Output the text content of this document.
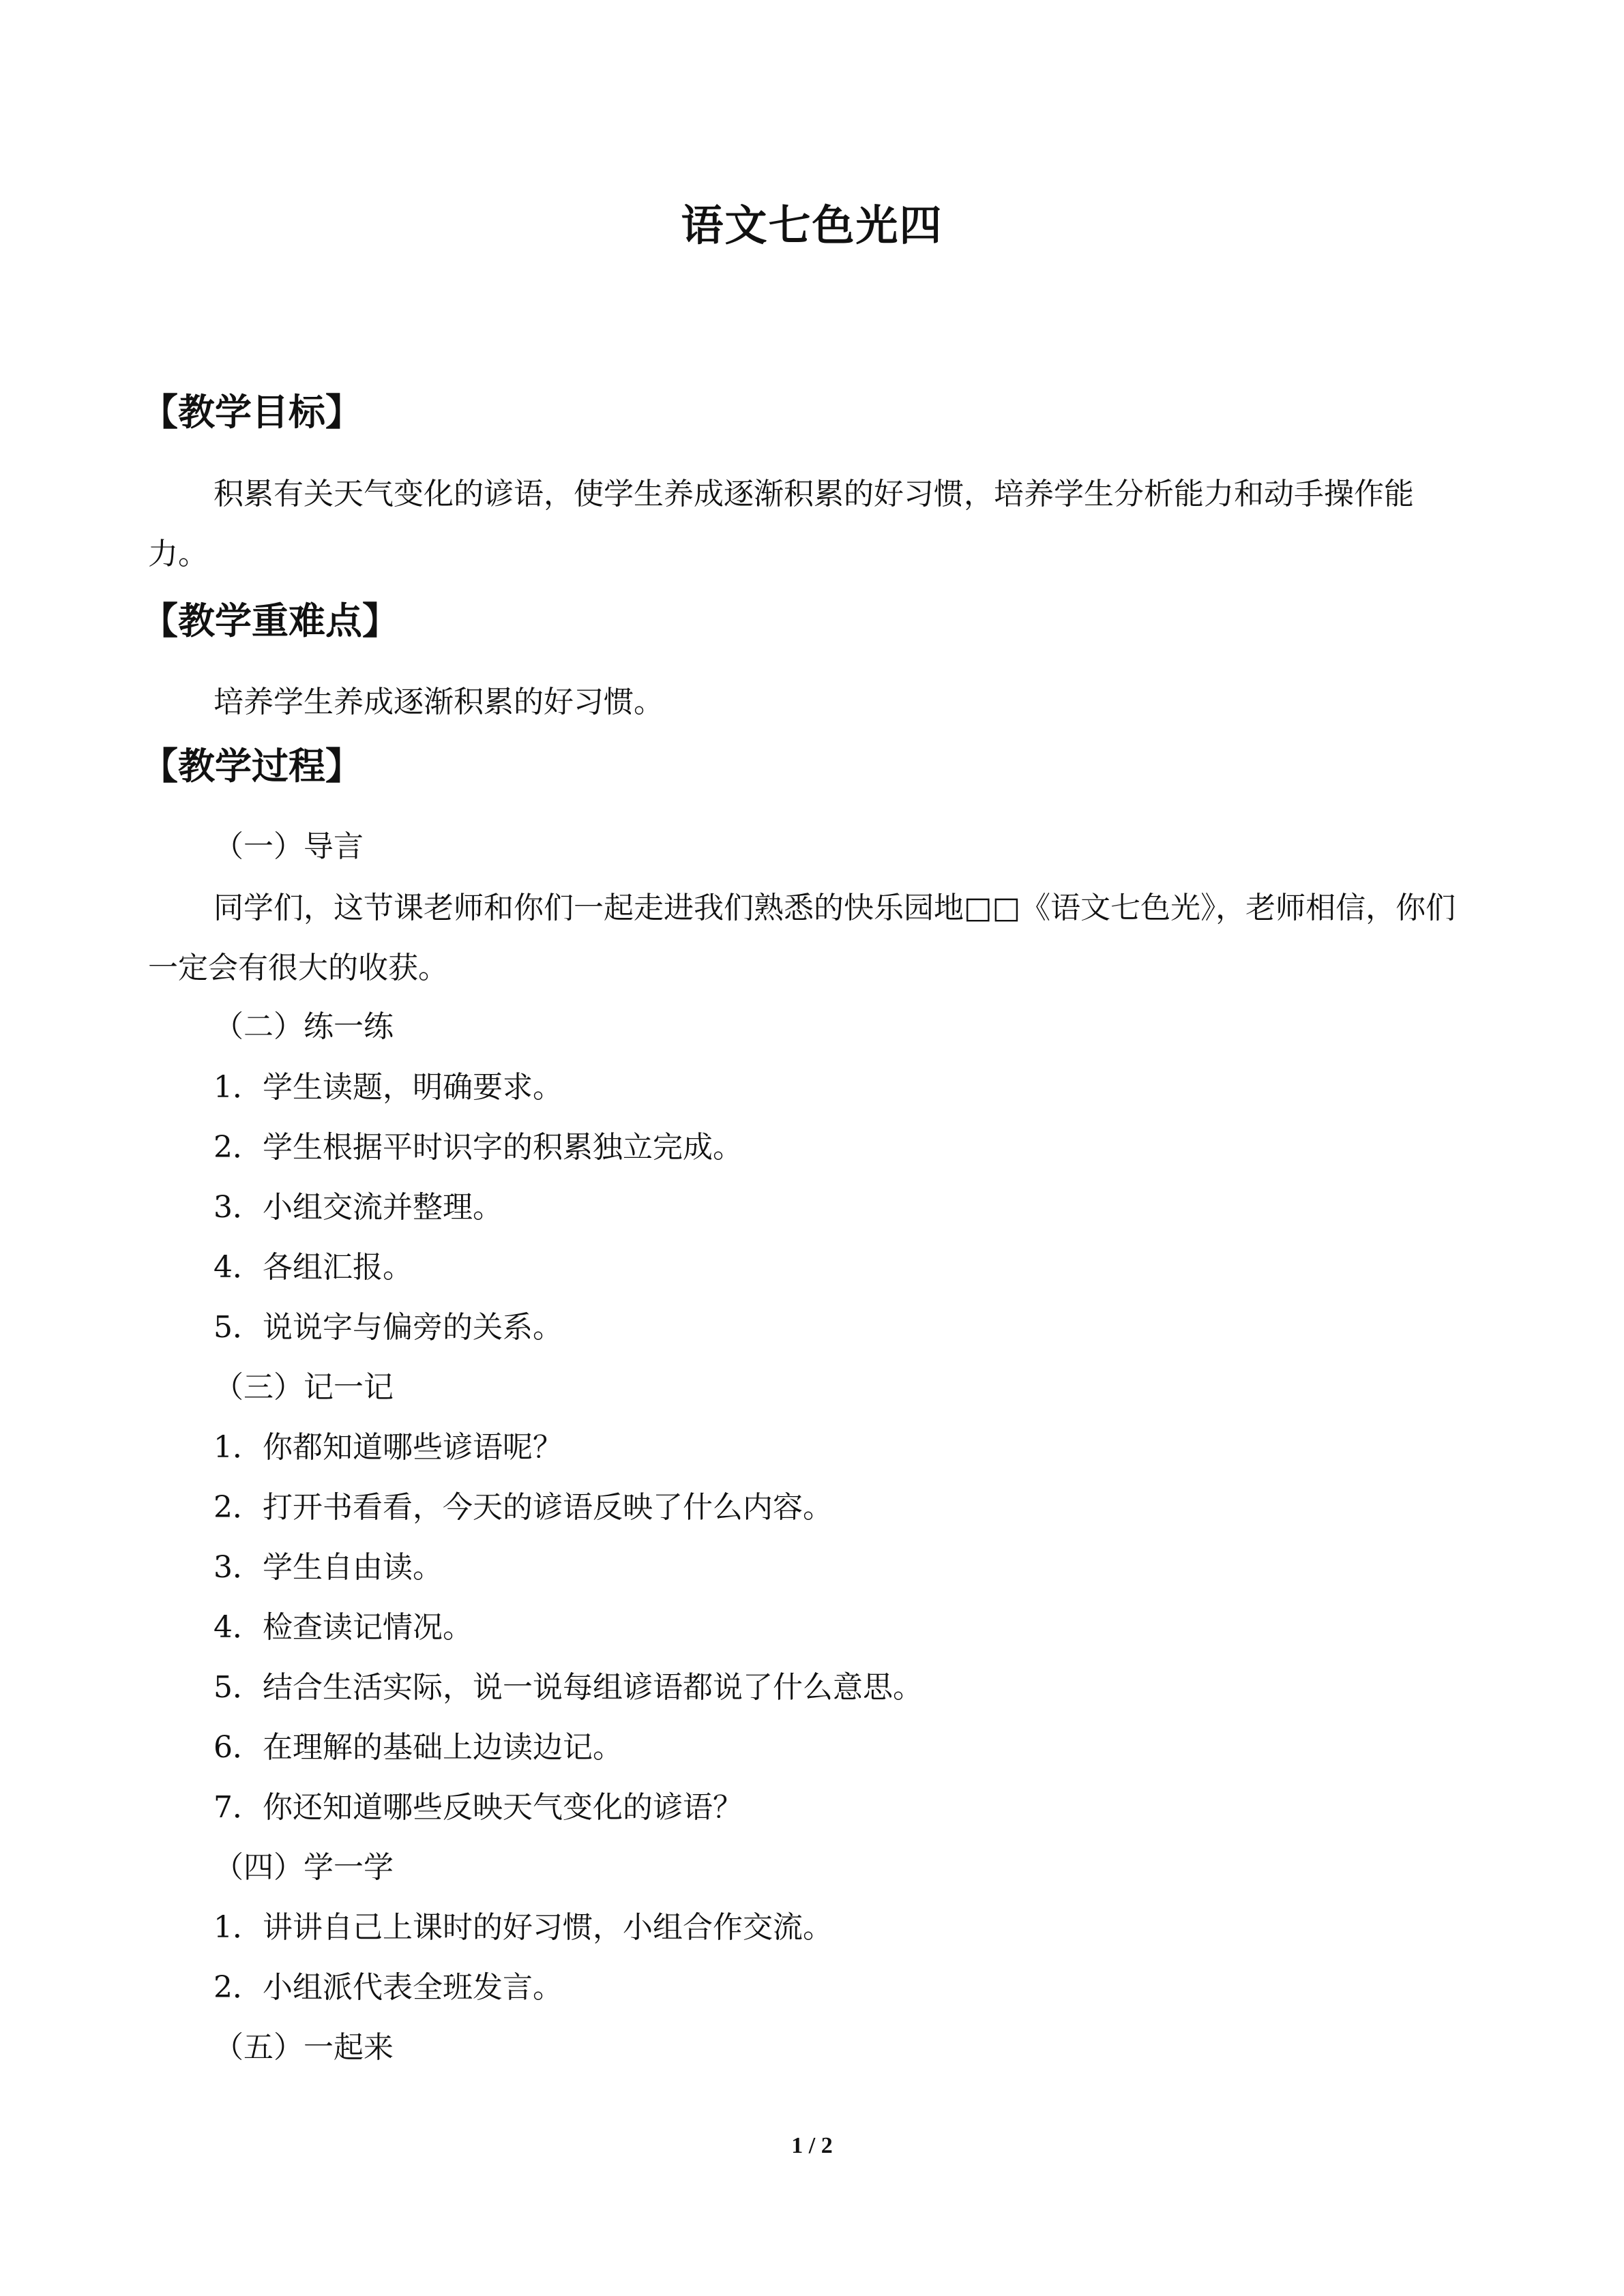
语文七色光四
【教学目标】

积累有关天气变化的谚语，使学生养成逐渐积累的好习惯，培养学生分析能力和动手操作能力。

【教学重难点】

培养学生养成逐渐积累的好习惯。

【教学过程】
（一）导言

同学们，这节课老师和你们一起走进我们熟悉的快乐园地□□《语文七色光》，老师相信，你们一定会有很大的收获。

（二）练一练
1．学生读题，明确要求。
2．学生根据平时识字的积累独立完成。
3．小组交流并整理。
4．各组汇报。
5．说说字与偏旁的关系。
（三）记一记
1．你都知道哪些谚语呢？
2．打开书看看，今天的谚语反映了什么内容。
3．学生自由读。
4．检查读记情况。
5．结合生活实际，说一说每组谚语都说了什么意思。
6．在理解的基础上边读边记。
7．你还知道哪些反映天气变化的谚语？
（四）学一学
1．讲讲自己上课时的好习惯，小组合作交流。
2．小组派代表全班发言。
（五）一起来
1 / 2
